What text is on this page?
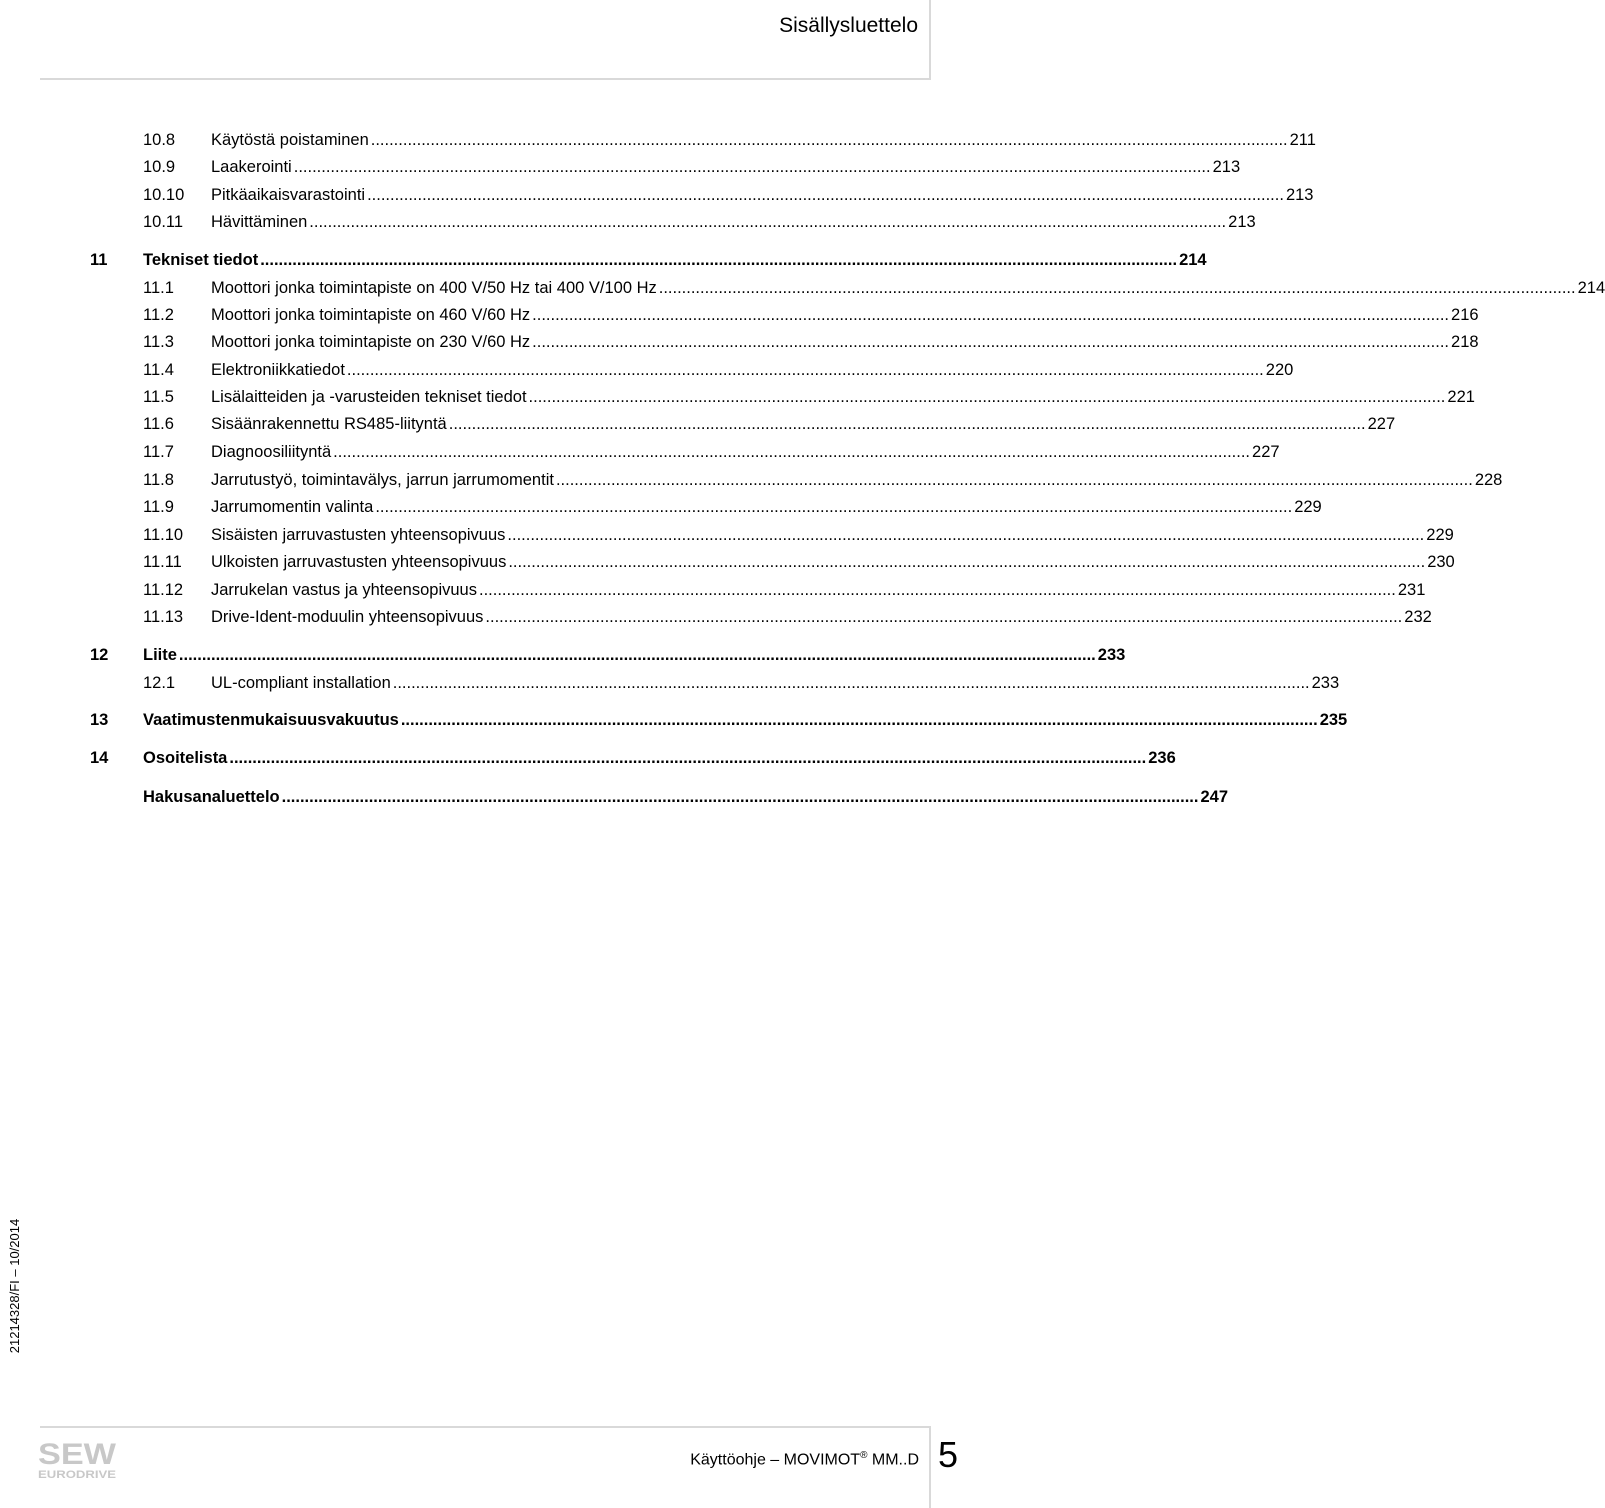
Sisällysluettelo
10.8 Käytöstä poistaminen ........................................................................................................................................................................................................ 211
10.9 Laakerointi ........................................................................................................................................................................................................ 213
10.10 Pitkäaikaisvarastointi ........................................................................................................................................................................................................ 213
10.11 Hävittäminen ........................................................................................................................................................................................................ 213
11 Tekniset tiedot ........................................................................................................................................................................................................ 214
11.1 Moottori jonka toimintapiste on 400 V/50 Hz tai 400 V/100 Hz ........................................................................................................................................................................................................ 214
11.2 Moottori jonka toimintapiste on 460 V/60 Hz ........................................................................................................................................................................................................ 216
11.3 Moottori jonka toimintapiste on 230 V/60 Hz ........................................................................................................................................................................................................ 218
11.4 Elektroniikkatiedot ........................................................................................................................................................................................................ 220
11.5 Lisälaitteiden ja -varusteiden tekniset tiedot ........................................................................................................................................................................................................ 221
11.6 Sisäänrakennettu RS485-liityntä ........................................................................................................................................................................................................ 227
11.7 Diagnoosiliityntä ........................................................................................................................................................................................................ 227
11.8 Jarrutustyö, toimintavälys, jarrun jarrumomentit ........................................................................................................................................................................................................ 228
11.9 Jarrumomentin valinta ........................................................................................................................................................................................................ 229
11.10 Sisäisten jarruvastusten yhteensopivuus ........................................................................................................................................................................................................ 229
11.11 Ulkoisten jarruvastusten yhteensopivuus ........................................................................................................................................................................................................ 230
11.12 Jarrukelan vastus ja yhteensopivuus ........................................................................................................................................................................................................ 231
11.13 Drive-Ident-moduulin yhteensopivuus ........................................................................................................................................................................................................ 232
12 Liite ........................................................................................................................................................................................................ 233
12.1 UL-compliant installation ........................................................................................................................................................................................................ 233
13 Vaatimustenmukaisuusvakuutus ........................................................................................................................................................................................................ 235
14 Osoitelista ........................................................................................................................................................................................................ 236
Hakusanaluettelo ........................................................................................................................................................................................................ 247
21214328/FI – 10/2014
SEW
EURODRIVE
Käyttöohje – MOVIMOT® MM..D 5
